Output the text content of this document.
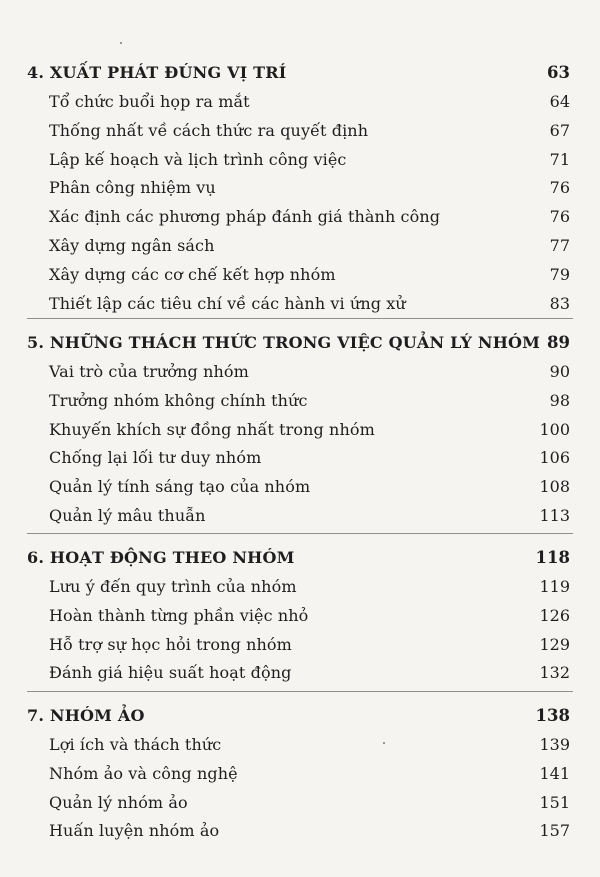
4. XUẤT PHÁT ĐÚNG VỊ TRÍ	63
Tổ chức buổi họp ra mắt	64
Thống nhất về cách thức ra quyết định	67
Lập kế hoạch và lịch trình công việc	71
Phân công nhiệm vụ	76
Xác định các phương pháp đánh giá thành công	76
Xây dựng ngân sách	77
Xây dựng các cơ chế kết hợp nhóm	79
Thiết lập các tiêu chí về các hành vi ứng xử	83
5. NHỮNG THÁCH THỨC TRONG VIỆC QUẢN LÝ NHÓM 89
Vai trò của trưởng nhóm	90
Trưởng nhóm không chính thức	98
Khuyến khích sự đồng nhất trong nhóm	100
Chống lại lối tư duy nhóm	106
Quản lý tính sáng tạo của nhóm	108
Quản lý mâu thuẫn	113
6. HOẠT ĐỘNG THEO NHÓM	118
Lưu ý đến quy trình của nhóm	119
Hoàn thành từng phần việc nhỏ	126
Hỗ trợ sự học hỏi trong nhóm	129
Đánh giá hiệu suất hoạt động	132
7. NHÓM ẢO	138
Lợi ích và thách thức	139
Nhóm ảo và công nghệ	141
Quản lý nhóm ảo	151
Huấn luyện nhóm ảo	157
